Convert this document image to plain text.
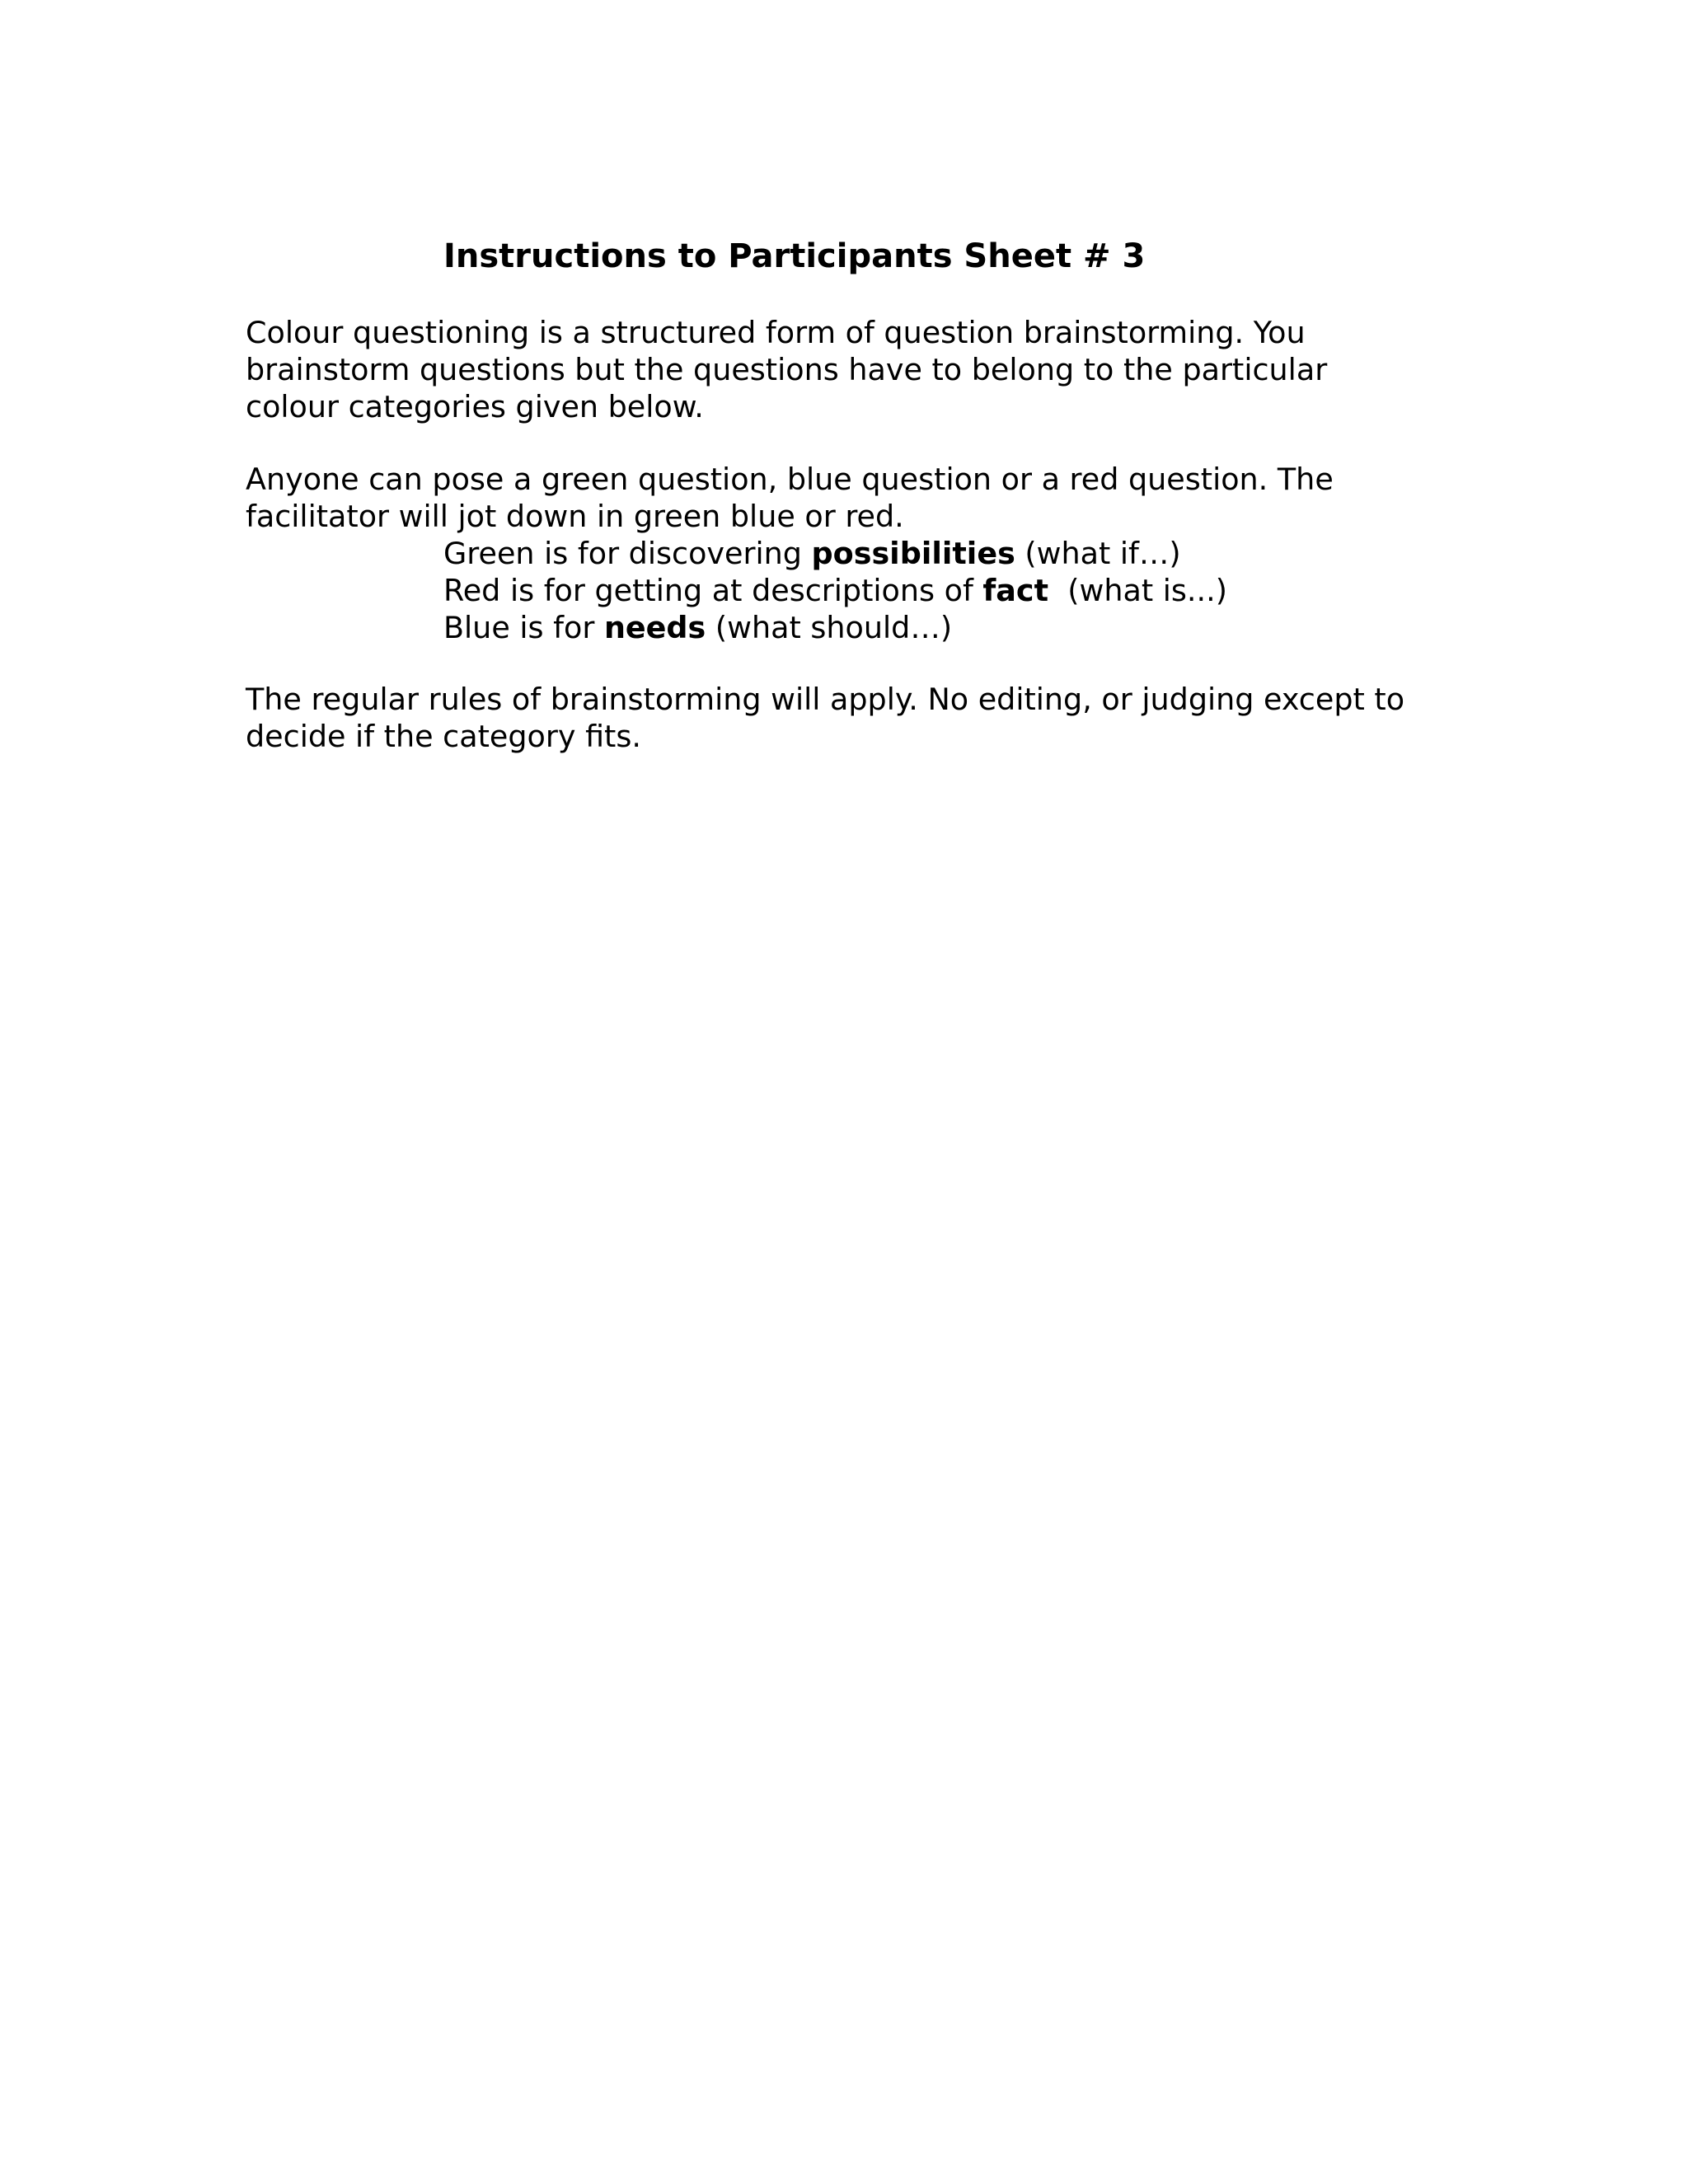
Instructions to Participants Sheet # 3
Colour questioning is a structured form of question brainstorming. You
brainstorm questions but the questions have to belong to the particular
colour categories given below.
Anyone can pose a green question, blue question or a red question. The
facilitator will jot down in green blue or red.
Green is for discovering possibilities (what if…)
Red is for getting at descriptions of fact  (what is...)
Blue is for needs (what should…)
The regular rules of brainstorming will apply. No editing, or judging except to
decide if the category fits.
